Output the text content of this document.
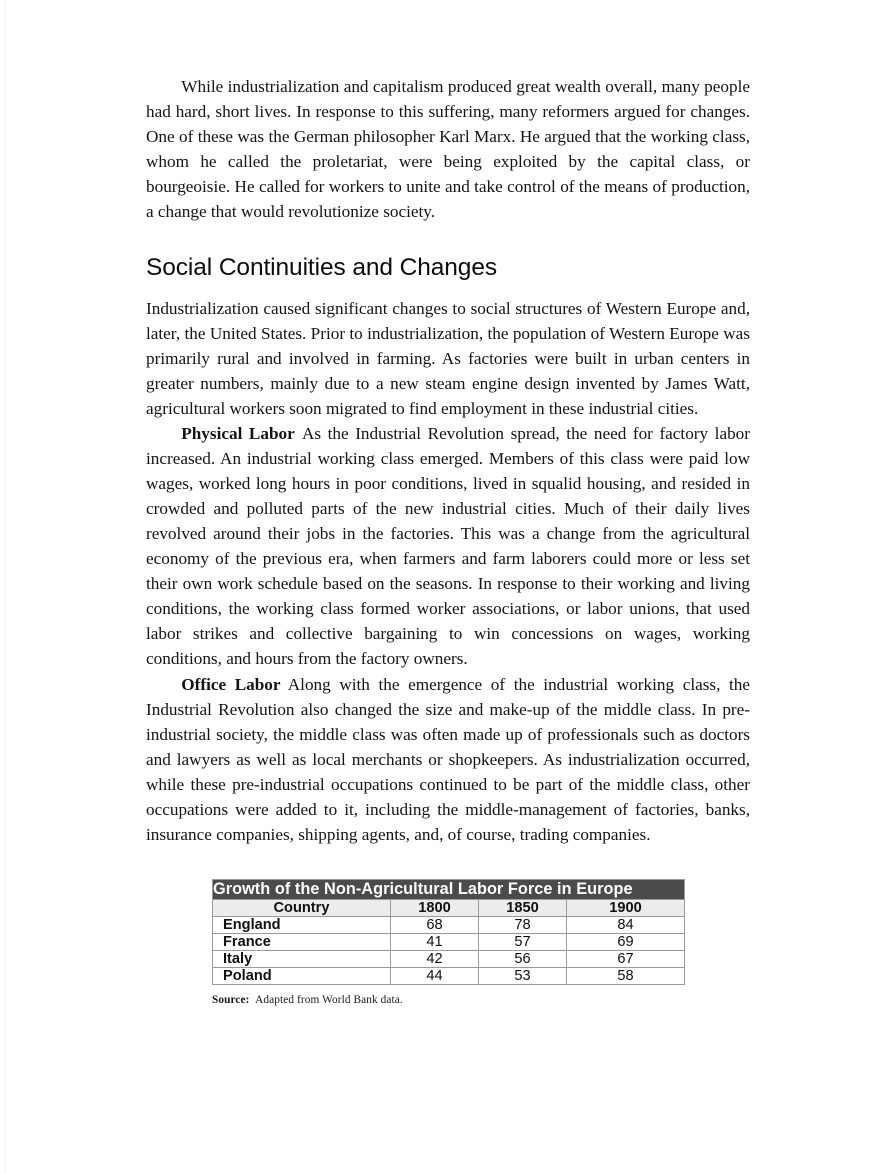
While industrialization and capitalism produced great wealth overall, many people had hard, short lives. In response to this suffering, many reformers argued for changes. One of these was the German philosopher Karl Marx. He argued that the working class, whom he called the proletariat, were being exploited by the capital class, or bourgeoisie. He called for workers to unite and take control of the means of production, a change that would revolutionize society.

Social Continuities and Changes

Industrialization caused significant changes to social structures of Western Europe and, later, the United States. Prior to industrialization, the population of Western Europe was primarily rural and involved in farming. As factories were built in urban centers in greater numbers, mainly due to a new steam engine design invented by James Watt, agricultural workers soon migrated to find employment in these industrial cities.

Physical Labor As the Industrial Revolution spread, the need for factory labor increased. An industrial working class emerged. Members of this class were paid low wages, worked long hours in poor conditions, lived in squalid housing, and resided in crowded and polluted parts of the new industrial cities. Much of their daily lives revolved around their jobs in the factories. This was a change from the agricultural economy of the previous era, when farmers and farm laborers could more or less set their own work schedule based on the seasons. In response to their working and living conditions, the working class formed worker associations, or labor unions, that used labor strikes and collective bargaining to win concessions on wages, working conditions, and hours from the factory owners.

Office Labor Along with the emergence of the industrial working class, the Industrial Revolution also changed the size and make-up of the middle class. In pre-industrial society, the middle class was often made up of professionals such as doctors and lawyers as well as local merchants or shopkeepers. As industrialization occurred, while these pre-industrial occupations continued to be part of the middle class, other occupations were added to it, including the middle-management of factories, banks, insurance companies, shipping agents, and, of course, trading companies.

Growth of the Non-Agricultural Labor Force in Europe			
Country	1800	1850	1900
England	68	78	84
France	41	57	69
Italy	42	56	67
Poland	44	53	58
Source: Adapted from World Bank data.
